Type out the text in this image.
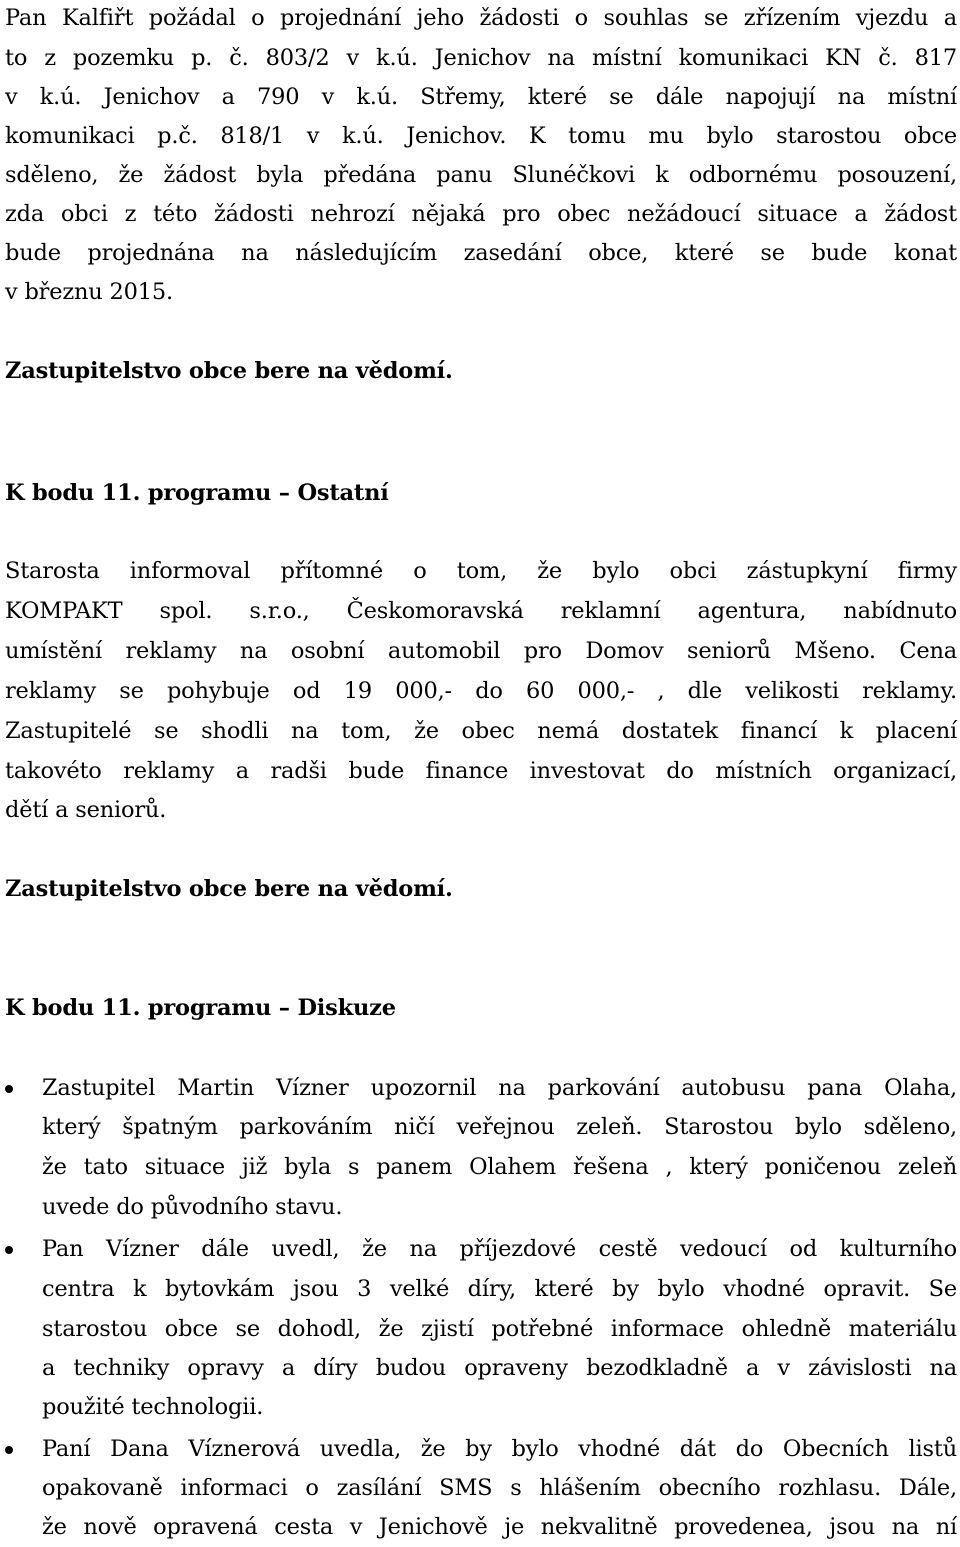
Pan Kalfiřt požádal o projednání jeho žádosti o souhlas se zřízením vjezdu a
to z pozemku p. č. 803/2 v k.ú. Jenichov na místní komunikaci KN č. 817
v k.ú. Jenichov a 790 v k.ú. Střemy, které se dále napojují na místní
komunikaci p.č. 818/1 v k.ú. Jenichov. K tomu mu bylo starostou obce
sděleno, že žádost byla předána panu Slunéčkovi k odbornému posouzení,
zda obci z této žádosti nehrozí nějaká pro obec nežádoucí situace a žádost
bude projednána na následujícím zasedání obce, které se bude konat
v březnu 2015.
Zastupitelstvo obce bere na vědomí.
K bodu 11. programu – Ostatní
Starosta informoval přítomné o tom, že bylo obci zástupkyní firmy
KOMPAKT spol. s.r.o., Českomoravská reklamní agentura, nabídnuto
umístění reklamy na osobní automobil pro Domov seniorů Mšeno. Cena
reklamy se pohybuje od 19 000,- do 60 000,- , dle velikosti reklamy.
Zastupitelé se shodli na tom, že obec nemá dostatek financí k placení
takovéto reklamy a radši bude finance investovat do místních organizací,
dětí a seniorů.
Zastupitelstvo obce bere na vědomí.
K bodu 11. programu – Diskuze
Zastupitel Martin Vízner upozornil na parkování autobusu pana Olaha,
který špatným parkováním ničí veřejnou zeleň. Starostou bylo sděleno,
že tato situace již byla s panem Olahem řešena , který poničenou zeleň
uvede do původního stavu.
Pan Vízner dále uvedl, že na příjezdové cestě vedoucí od kulturního
centra k bytovkám jsou 3 velké díry, které by bylo vhodné opravit. Se
starostou obce se dohodl, že zjistí potřebné informace ohledně materiálu
a techniky opravy a díry budou opraveny bezodkladně a v závislosti na
použité technologii.
Paní Dana Víznerová uvedla, že by bylo vhodné dát do Obecních listů
opakovaně informaci o zasílání SMS s hlášením obecního rozhlasu. Dále,
že nově opravená cesta v Jenichově je nekvalitně provedenea, jsou na ní
